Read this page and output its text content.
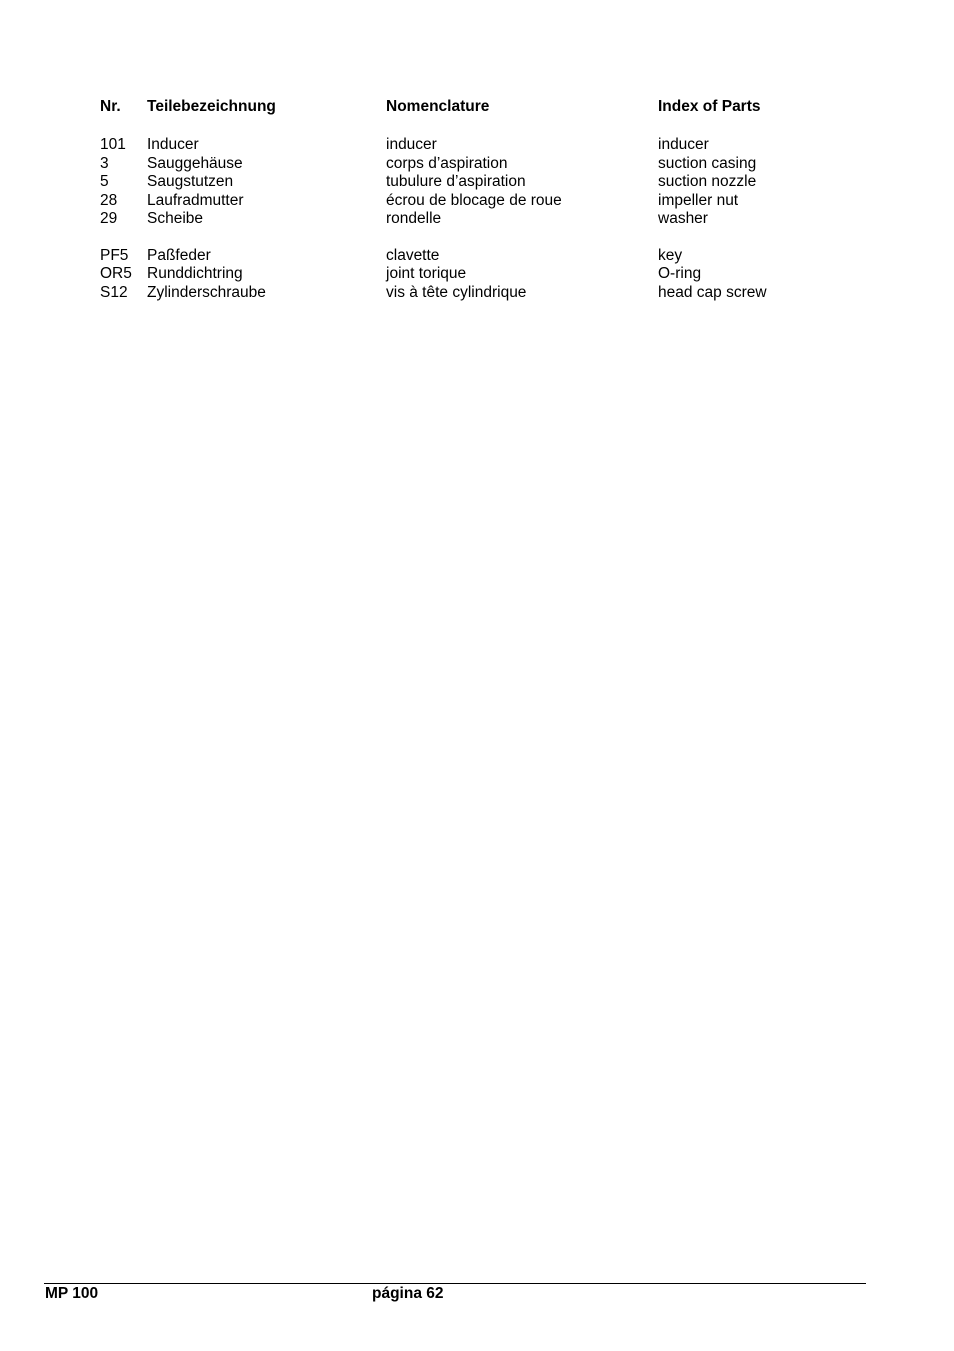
Nr. Teilebezeichnung	Nomenclature	Index of Parts
101 Inducer	inducer	inducer
3 Sauggehäuse	corps d’aspiration	suction casing
5 Saugstutzen	tubulure d’aspiration	suction nozzle
28 Laufradmutter	écrou de blocage de roue	impeller nut
29 Scheibe	rondelle	washer
PF5 Paßfeder	clavette	key
OR5 Runddichtring	joint torique	O-ring
S12 Zylinderschraube	vis à tête cylindrique	head cap screw
MP 100	página 62
